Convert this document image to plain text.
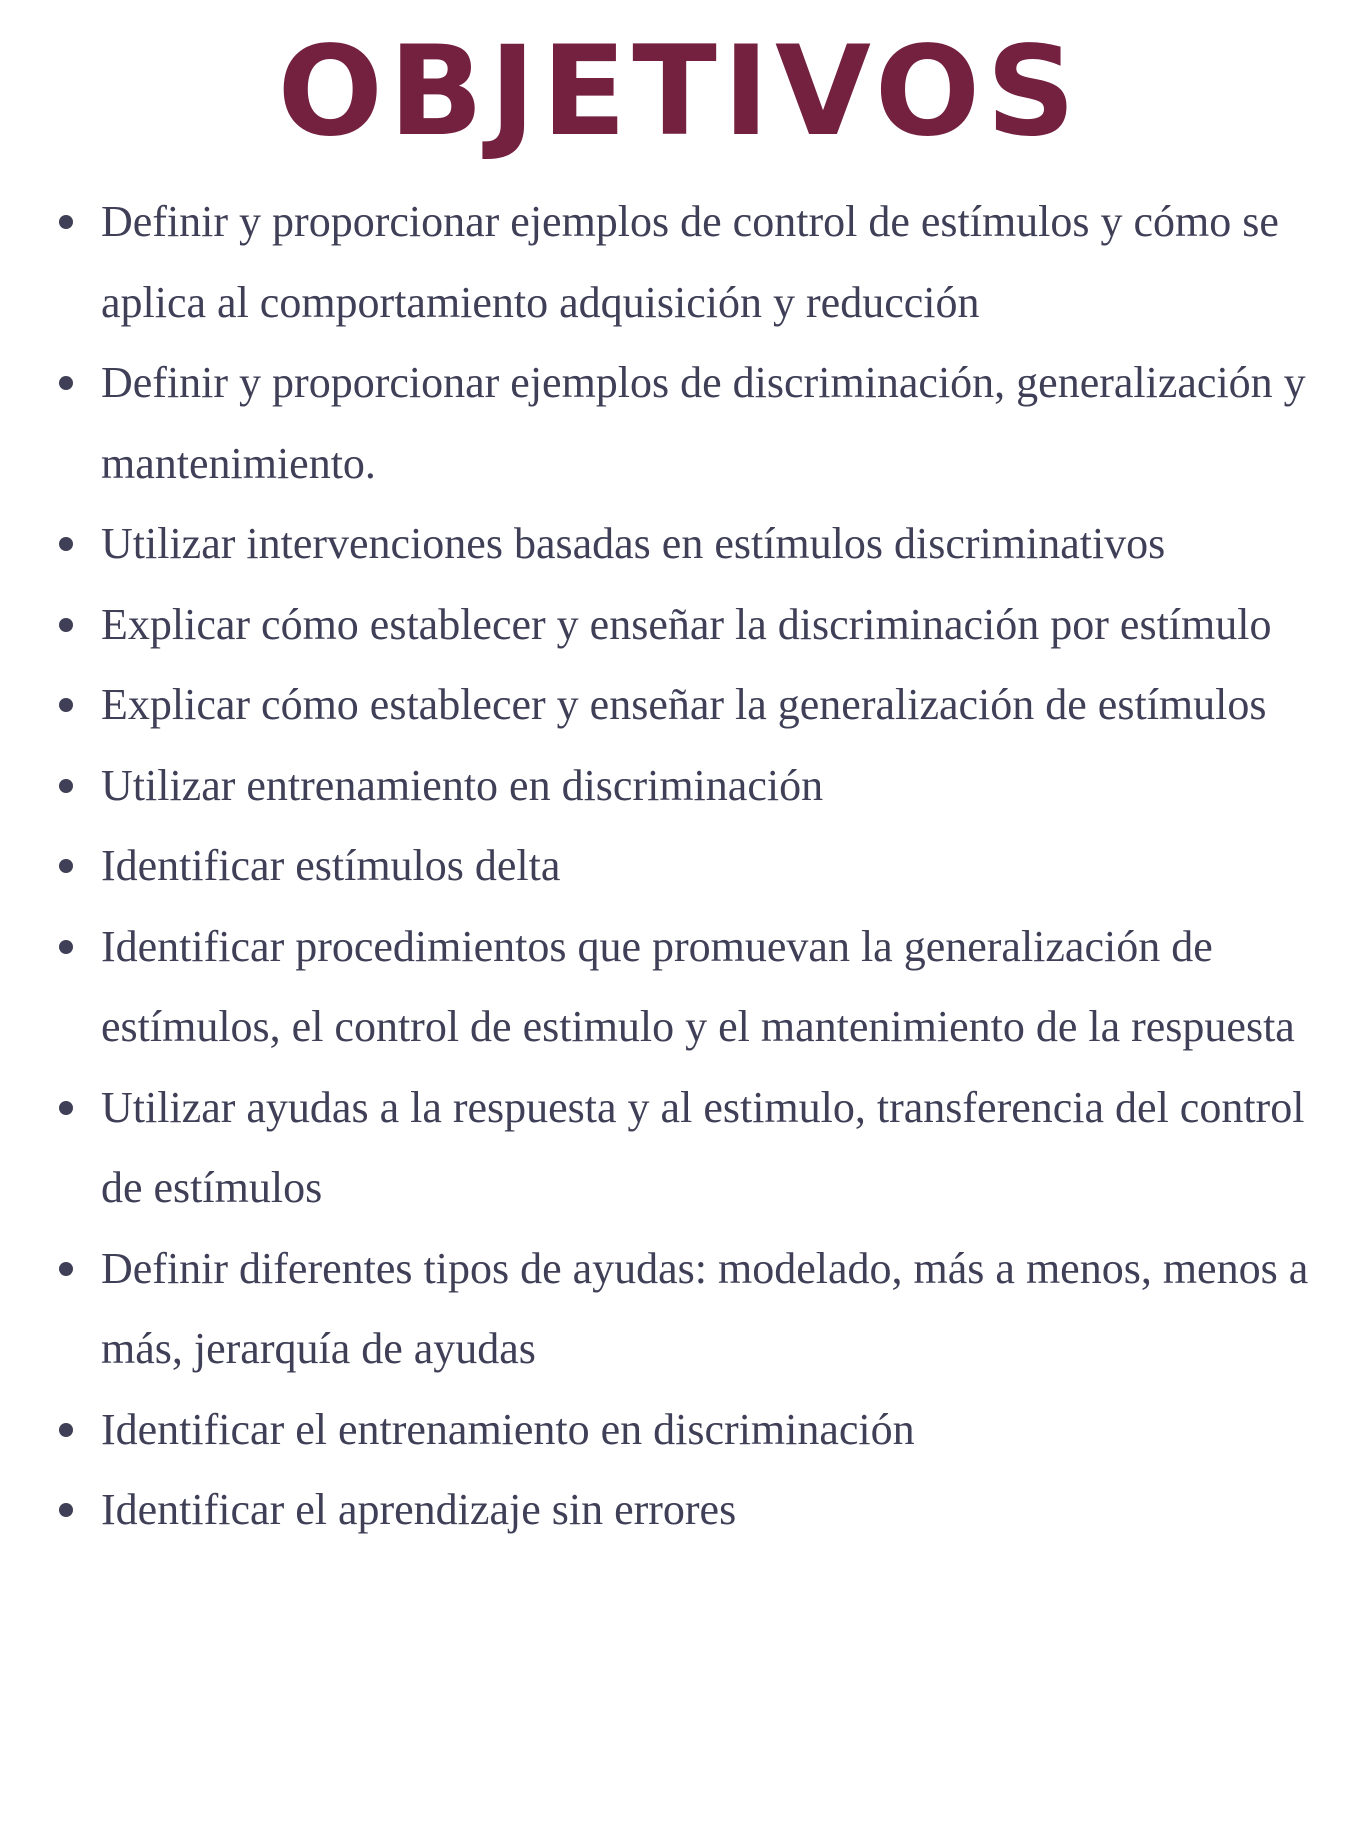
OBJETIVOS
Definir y proporcionar ejemplos de control de estímulos y cómo se aplica al comportamiento adquisición y reducción
Definir y proporcionar ejemplos de discriminación, generalización y mantenimiento.
Utilizar intervenciones basadas en estímulos discriminativos
Explicar cómo establecer y enseñar la discriminación por estímulo
Explicar cómo establecer y enseñar la generalización de estímulos
Utilizar entrenamiento en discriminación
Identificar estímulos delta
Identificar procedimientos que promuevan la generalización de estímulos, el control de estimulo y el mantenimiento de la respuesta
Utilizar ayudas a la respuesta y al estimulo, transferencia del control de estímulos
Definir diferentes tipos de ayudas: modelado, más a menos, menos a más, jerarquía de ayudas
Identificar el entrenamiento en discriminación
Identificar el aprendizaje sin errores
